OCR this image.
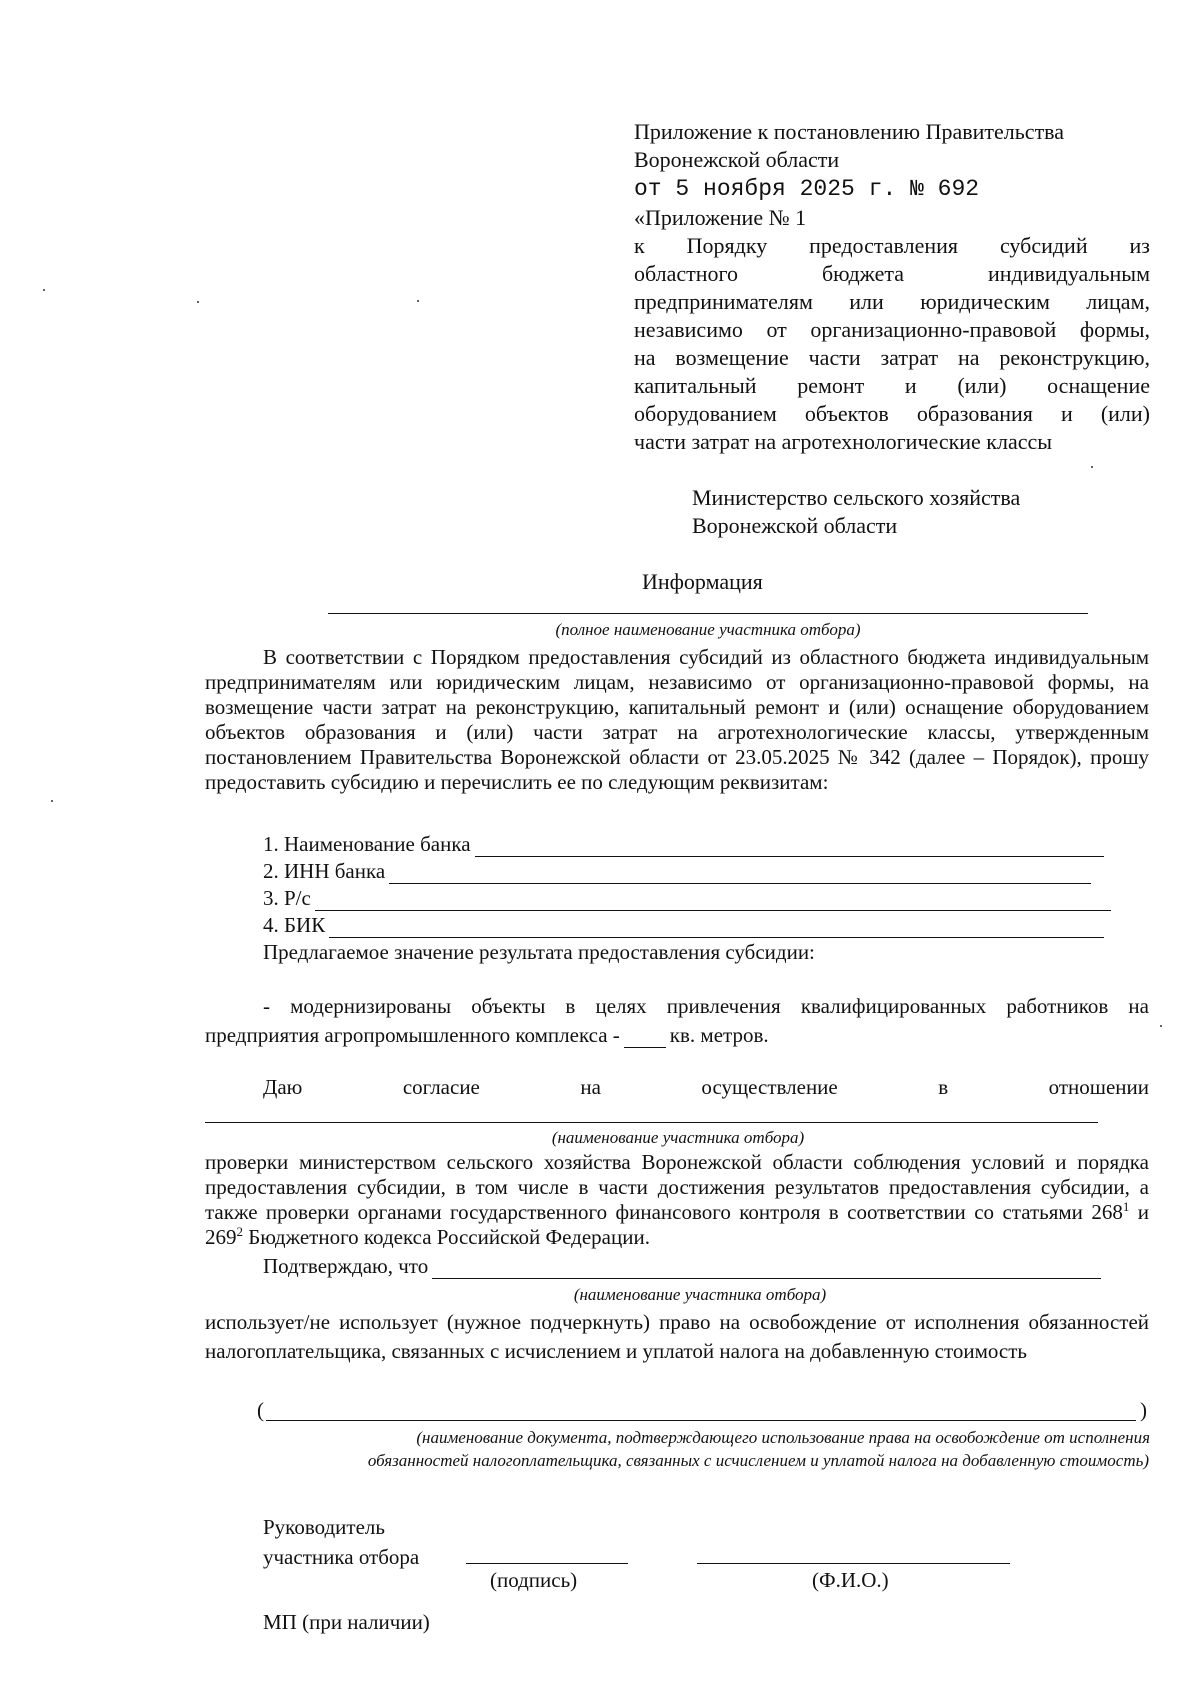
Приложение к постановлению Правительства
Воронежской области
от 5 ноября 2025 г. № 692
«Приложение № 1
к Порядку предоставления субсидий из
областного бюджета индивидуальным
предпринимателям или юридическим лицам,
независимо от организационно-правовой формы,
на возмещение части затрат на реконструкцию,
капитальный ремонт и (или) оснащение
оборудованием объектов образования и (или)
части затрат на агротехнологические классы
Министерство сельского хозяйства
Воронежской области
Информация
(полное наименование участника отбора)
В соответствии с Порядком предоставления субсидий из областного бюджета индивидуальным предпринимателям или юридическим лицам, независимо от организационно-правовой формы, на возмещение части затрат на реконструкцию, капитальный ремонт и (или) оснащение оборудованием объектов образования и (или) части затрат на агротехнологические классы, утвержденным постановлением Правительства Воронежской области от 23.05.2025 № 342 (далее – Порядок), прошу предоставить субсидию и перечислить ее по следующим реквизитам:
1. Наименование банка
2. ИНН банка
3. Р/с
4. БИК
Предлагаемое значение результата предоставления субсидии:
- модернизированы объекты в целях привлечения квалифицированных работников на
предприятия агропромышленного комплекса - кв. метров.
Даю согласие на осуществление в отношении
(наименование участника отбора)
проверки министерством сельского хозяйства Воронежской области соблюдения условий и порядка предоставления субсидии, в том числе в части достижения результатов предоставления субсидии, а также проверки органами государственного финансового контроля в соответствии со статьями $268^1$ и $269^2$ Бюджетного кодекса Российской Федерации.
Подтверждаю, что
(наименование участника отбора)
использует/не использует (нужное подчеркнуть) право на освобождение от исполнения обязанностей налогоплательщика, связанных с исчислением и уплатой налога на добавленную стоимость
(	)
(наименование документа, подтверждающего использование права на освобождение от исполнения
обязанностей налогоплательщика, связанных с исчислением и уплатой налога на добавленную стоимость)
Руководитель
участника отбора
(подпись)	(Ф.И.О.)
МП (при наличии)
